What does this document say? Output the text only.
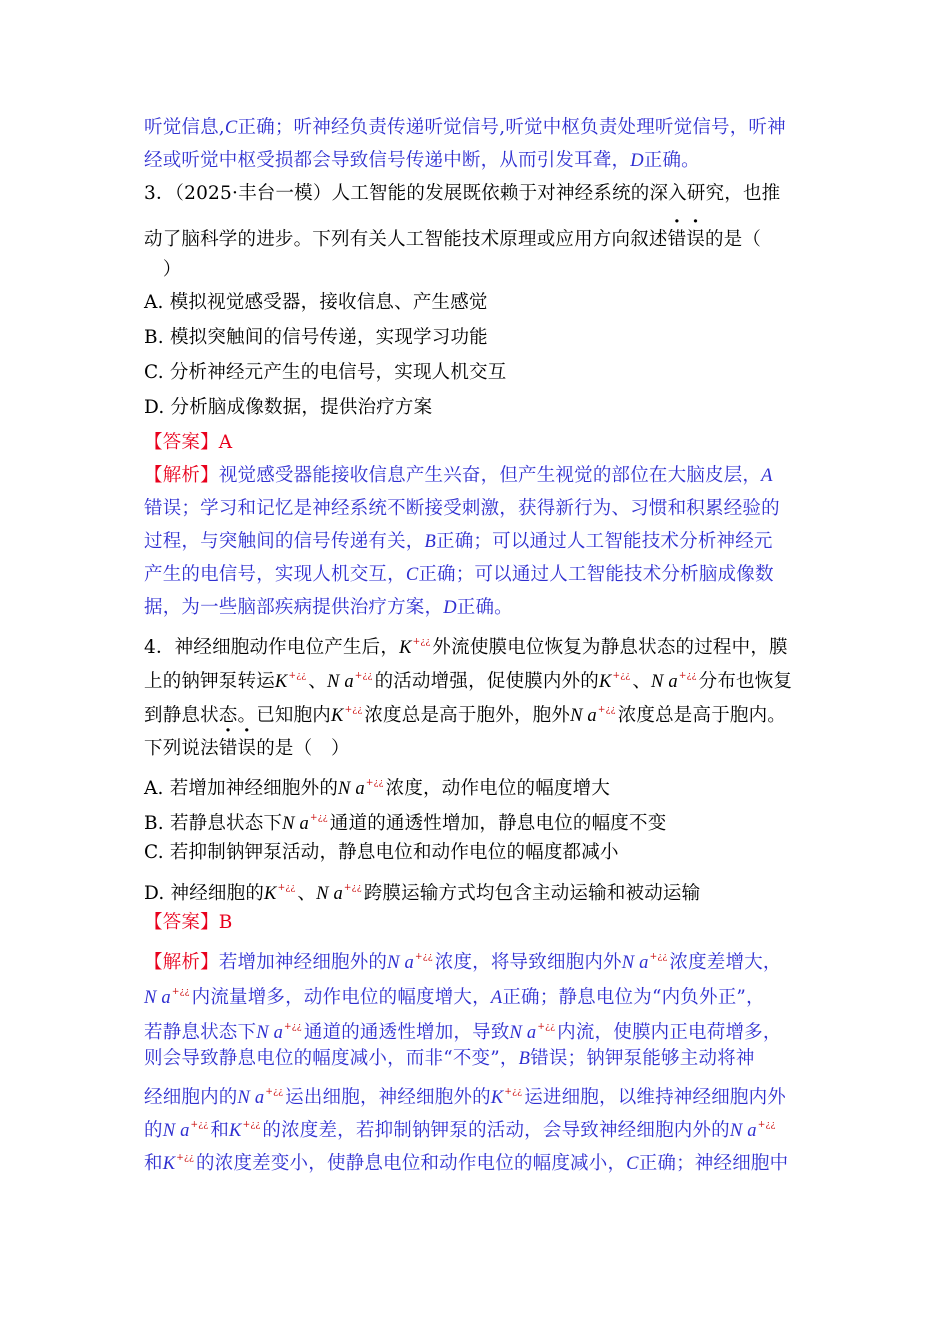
听觉信息,C正确；听神经负责传递听觉信号,听觉中枢负责处理听觉信号，听神
经或听觉中枢受损都会导致信号传递中断，从而引发耳聋，D正确。
3．（2025·丰台一模）人工智能的发展既依赖于对神经系统的深入研究，也推
动了脑科学的进步。下列有关人工智能技术原理或应用方向叙述错误的是（
　）
A. 模拟视觉感受器，接收信息、产生感觉
B. 模拟突触间的信号传递，实现学习功能
C. 分析神经元产生的电信号，实现人机交互
D. 分析脑成像数据，提供治疗方案
【答案】A
【解析】视觉感受器能接收信息产生兴奋，但产生视觉的部位在大脑皮层，A
错误；学习和记忆是神经系统不断接受刺激，获得新行为、习惯和积累经验的
过程，与突触间的信号传递有关，B正确；可以通过人工智能技术分析神经元
产生的电信号，实现人机交互，C正确；可以通过人工智能技术分析脑成像数
据，为一些脑部疾病提供治疗方案，D正确。
4．神经细胞动作电位产生后，K+¿¿ 外流使膜电位恢复为静息状态的过程中，膜
上的钠钾泵转运K+¿¿ 、N a+¿¿ 的活动增强，促使膜内外的K+¿¿ 、N a+¿¿ 分布也恢复
到静息状态。已知胞内K+¿¿ 浓度总是高于胞外，胞外N a+¿¿ 浓度总是高于胞内。
下列说法错误的是（　）
A. 若增加神经细胞外的N a+¿¿ 浓度，动作电位的幅度增大
B. 若静息状态下N a+¿¿ 通道的通透性增加，静息电位的幅度不变
C. 若抑制钠钾泵活动，静息电位和动作电位的幅度都减小
D. 神经细胞的K+¿¿ 、N a+¿¿ 跨膜运输方式均包含主动运输和被动运输
【答案】B
【解析】若增加神经细胞外的N a+¿¿ 浓度，将导致细胞内外N a+¿¿ 浓度差增大，
N a+¿¿ 内流量增多，动作电位的幅度增大，A正确；静息电位为“内负外正”，
若静息状态下N a+¿¿ 通道的通透性增加，导致N a+¿¿ 内流，使膜内正电荷增多，
则会导致静息电位的幅度减小，而非“不变”，B错误；钠钾泵能够主动将神
经细胞内的N a+¿¿ 运出细胞，神经细胞外的K+¿¿ 运进细胞，以维持神经细胞内外
的N a+¿¿ 和K+¿¿ 的浓度差，若抑制钠钾泵的活动，会导致神经细胞内外的N a+¿¿
和K+¿¿ 的浓度差变小，使静息电位和动作电位的幅度减小，C正确；神经细胞中
